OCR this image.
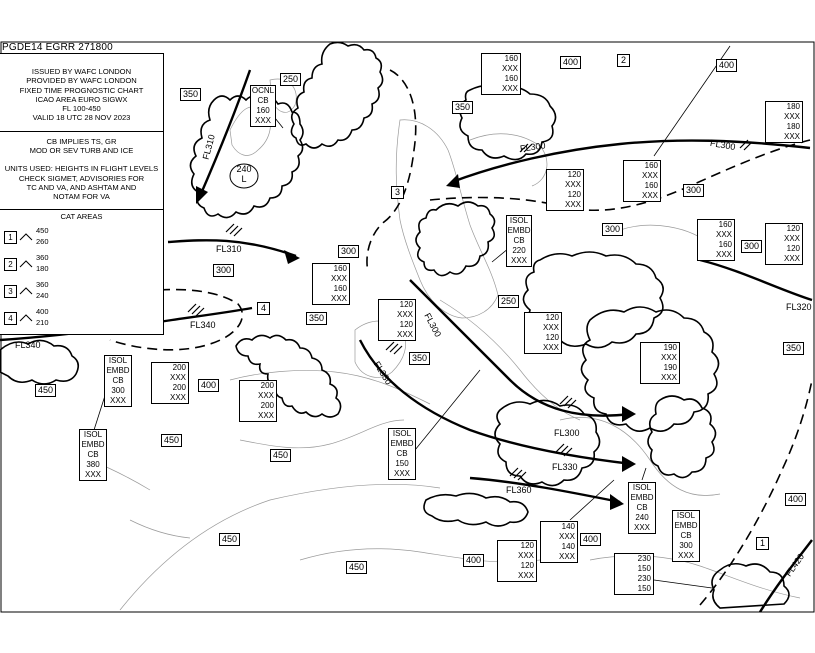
PGDE14 EGRR 271800
ISSUED BY WAFC LONDON
PROVIDED BY WAFC LONDON
FIXED TIME PROGNOSTIC CHART
ICAO AREA EURO SIGWX
FL 100-450
VALID 18 UTC 28 NOV 2023
CB IMPLIES TS, GR
MOD OR SEV TURB AND ICE
UNITS USED: HEIGHTS IN FLIGHT LEVELS
CHECK SIGMET, ADVISORIES FOR
TC AND VA, AND ASHTAM AND
NOTAM FOR VA
CAT AREAS
1
450
260
2
360
180
3
360
240
4
400
210
350
250
350
400	400
300
300
300
300
250
350
350
450	400
450
450
450
400
400
450
400
350
300
FL310
FL310
FL340
FL340
FL300	FL300
FL300
FL330
FL330
FL300
FL360
FL320
FL420
240
L
OCNL
CB
160
XXX
ISOL
EMBD
CB
220
XXX
ISOL
EMBD
CB
300
XXX
ISOL
EMBD
CB
380
XXX
ISOL
EMBD
CB
150
XXX
ISOL
EMBD
CB
240
XXX
ISOL
EMBD
CB
300
XXX
160
XXX
160
XXX
120
XXX
120
XXX
160
XXX
160
XXX
180
XXX
180
XXX
160
XXX
160
XXX
120
XXX
120
XXX
160
XXX
160
XXX
120
XXX
120
XXX
120
XXX
120
XXX	190
XXX
190
XXX
200
XXX
200
XXX
200
XXX
200
XXX
140
XXX
140
XXX
120
XXX
120
XXX
230
150
230
150
1
2
3
4
